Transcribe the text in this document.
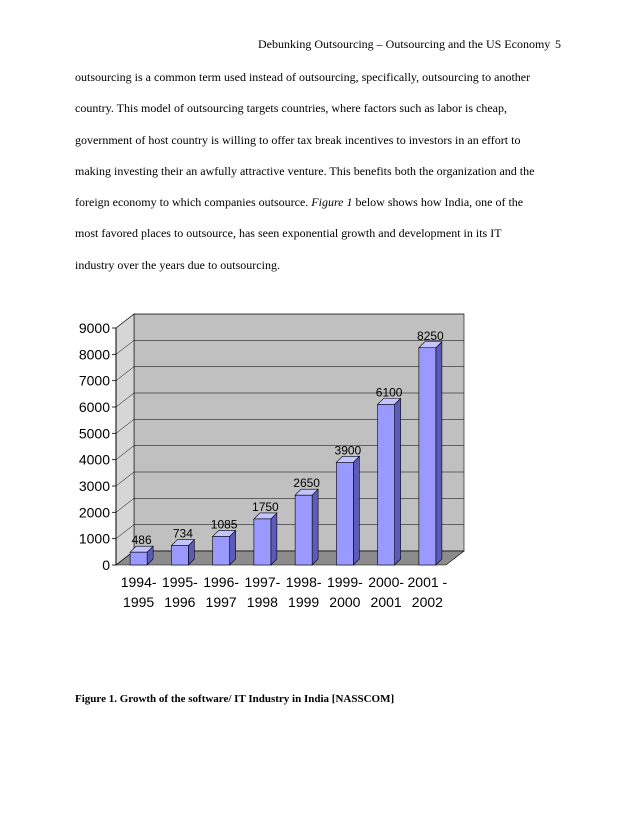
Debunking Outsourcing – Outsourcing and the US Economy 5
outsourcing is a common term used instead of outsourcing, specifically, outsourcing to another
country. This model of outsourcing targets countries, where factors such as labor is cheap,
government of host country is willing to offer tax break incentives to investors in an effort to
making investing their an awfully attractive venture. This benefits both the organization and the
foreign economy to which companies outsource. Figure 1 below shows how India, one of the
most favored places to outsource, has seen exponential growth and development in its IT
industry over the years due to outsourcing.
0
1000
2000
3000
4000
5000
6000
7000
8000
9000
486
1994-
1995
734
1995-
1996
1085
1996-
1997
1750
1997-
1998
2650
1998-
1999
3900
1999-
2000
6100
2000-
2001
8250
2001 -
2002
Figure 1. Growth of the software/ IT Industry in India [NASSCOM]
